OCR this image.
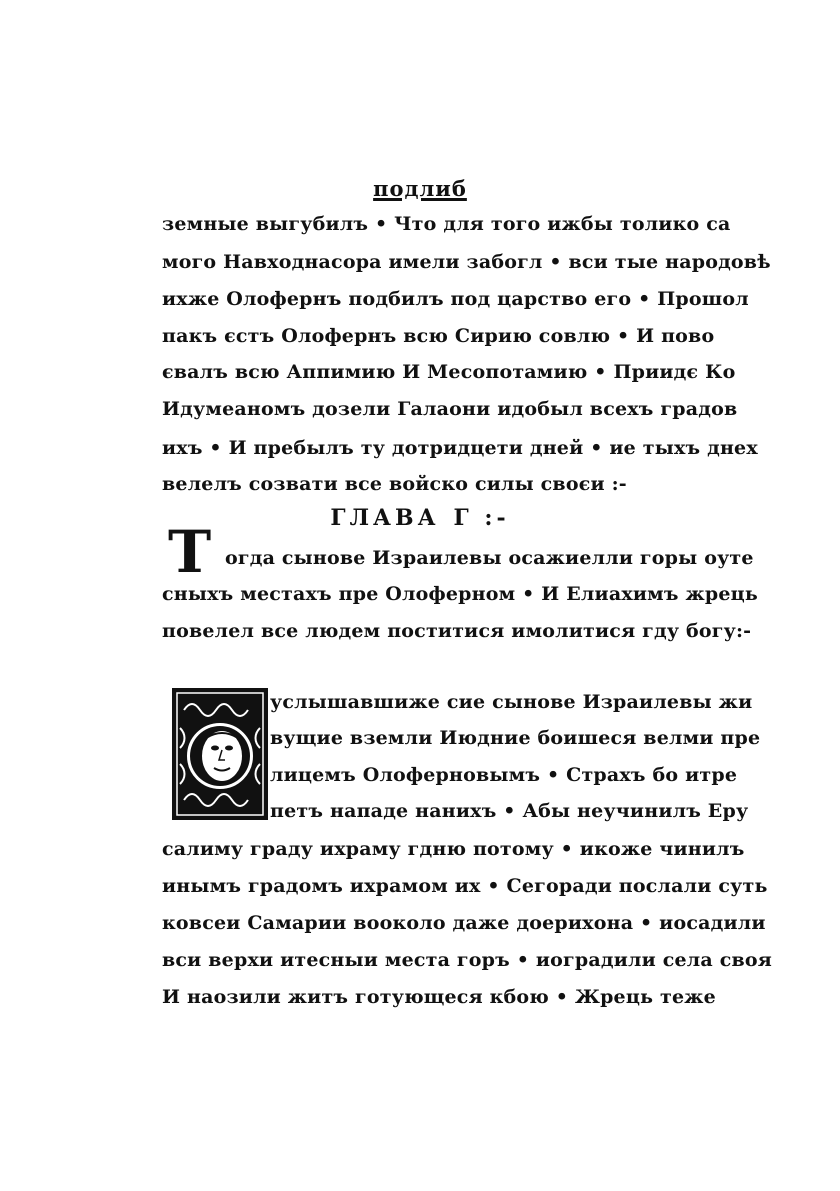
подлиб
земные выгубилъ • Что для того ижбы толико са
мого Навходнасора имели забогл • вси тые народовѣ
ихже Олофернъ подбилъ под царство его • Прошол
пакъ єстъ Олофернъ всю Сирию совлю • И пово
євалъ всю Аппимию И Месопотамию • Приидє Ко
Идумеаномъ дозели Галаони идобыл всехъ градов
ихъ • И пребылъ ту дотридцети дней • ие тыхъ днех
велелъ созвати все войско силы своєи :-
ГЛАВА Г :-
Т огда сынове Израилевы осажиелли горы оуте
сныхъ местахъ пре Олоферном • И Елиахимъ жрець
повелел все людем поститися имолитися гду богу:-
услышавшиже сие сынове Израилевы жи
вущие вземли Июдние боишеся велми пре
лицемъ Олоферновымъ • Страхъ бо итре
петъ нападе нанихъ • Абы неучинилъ Еру
салиму граду ихраму гдню потому • икоже чинилъ
инымъ градомъ ихрамом их • Сегоради послали суть
ковсеи Самарии вооколо даже доерихона • иосадили
вси верхи итесныи места горъ • иоградили села своя
И наозили житъ готующеся кбою • Жрець теже
